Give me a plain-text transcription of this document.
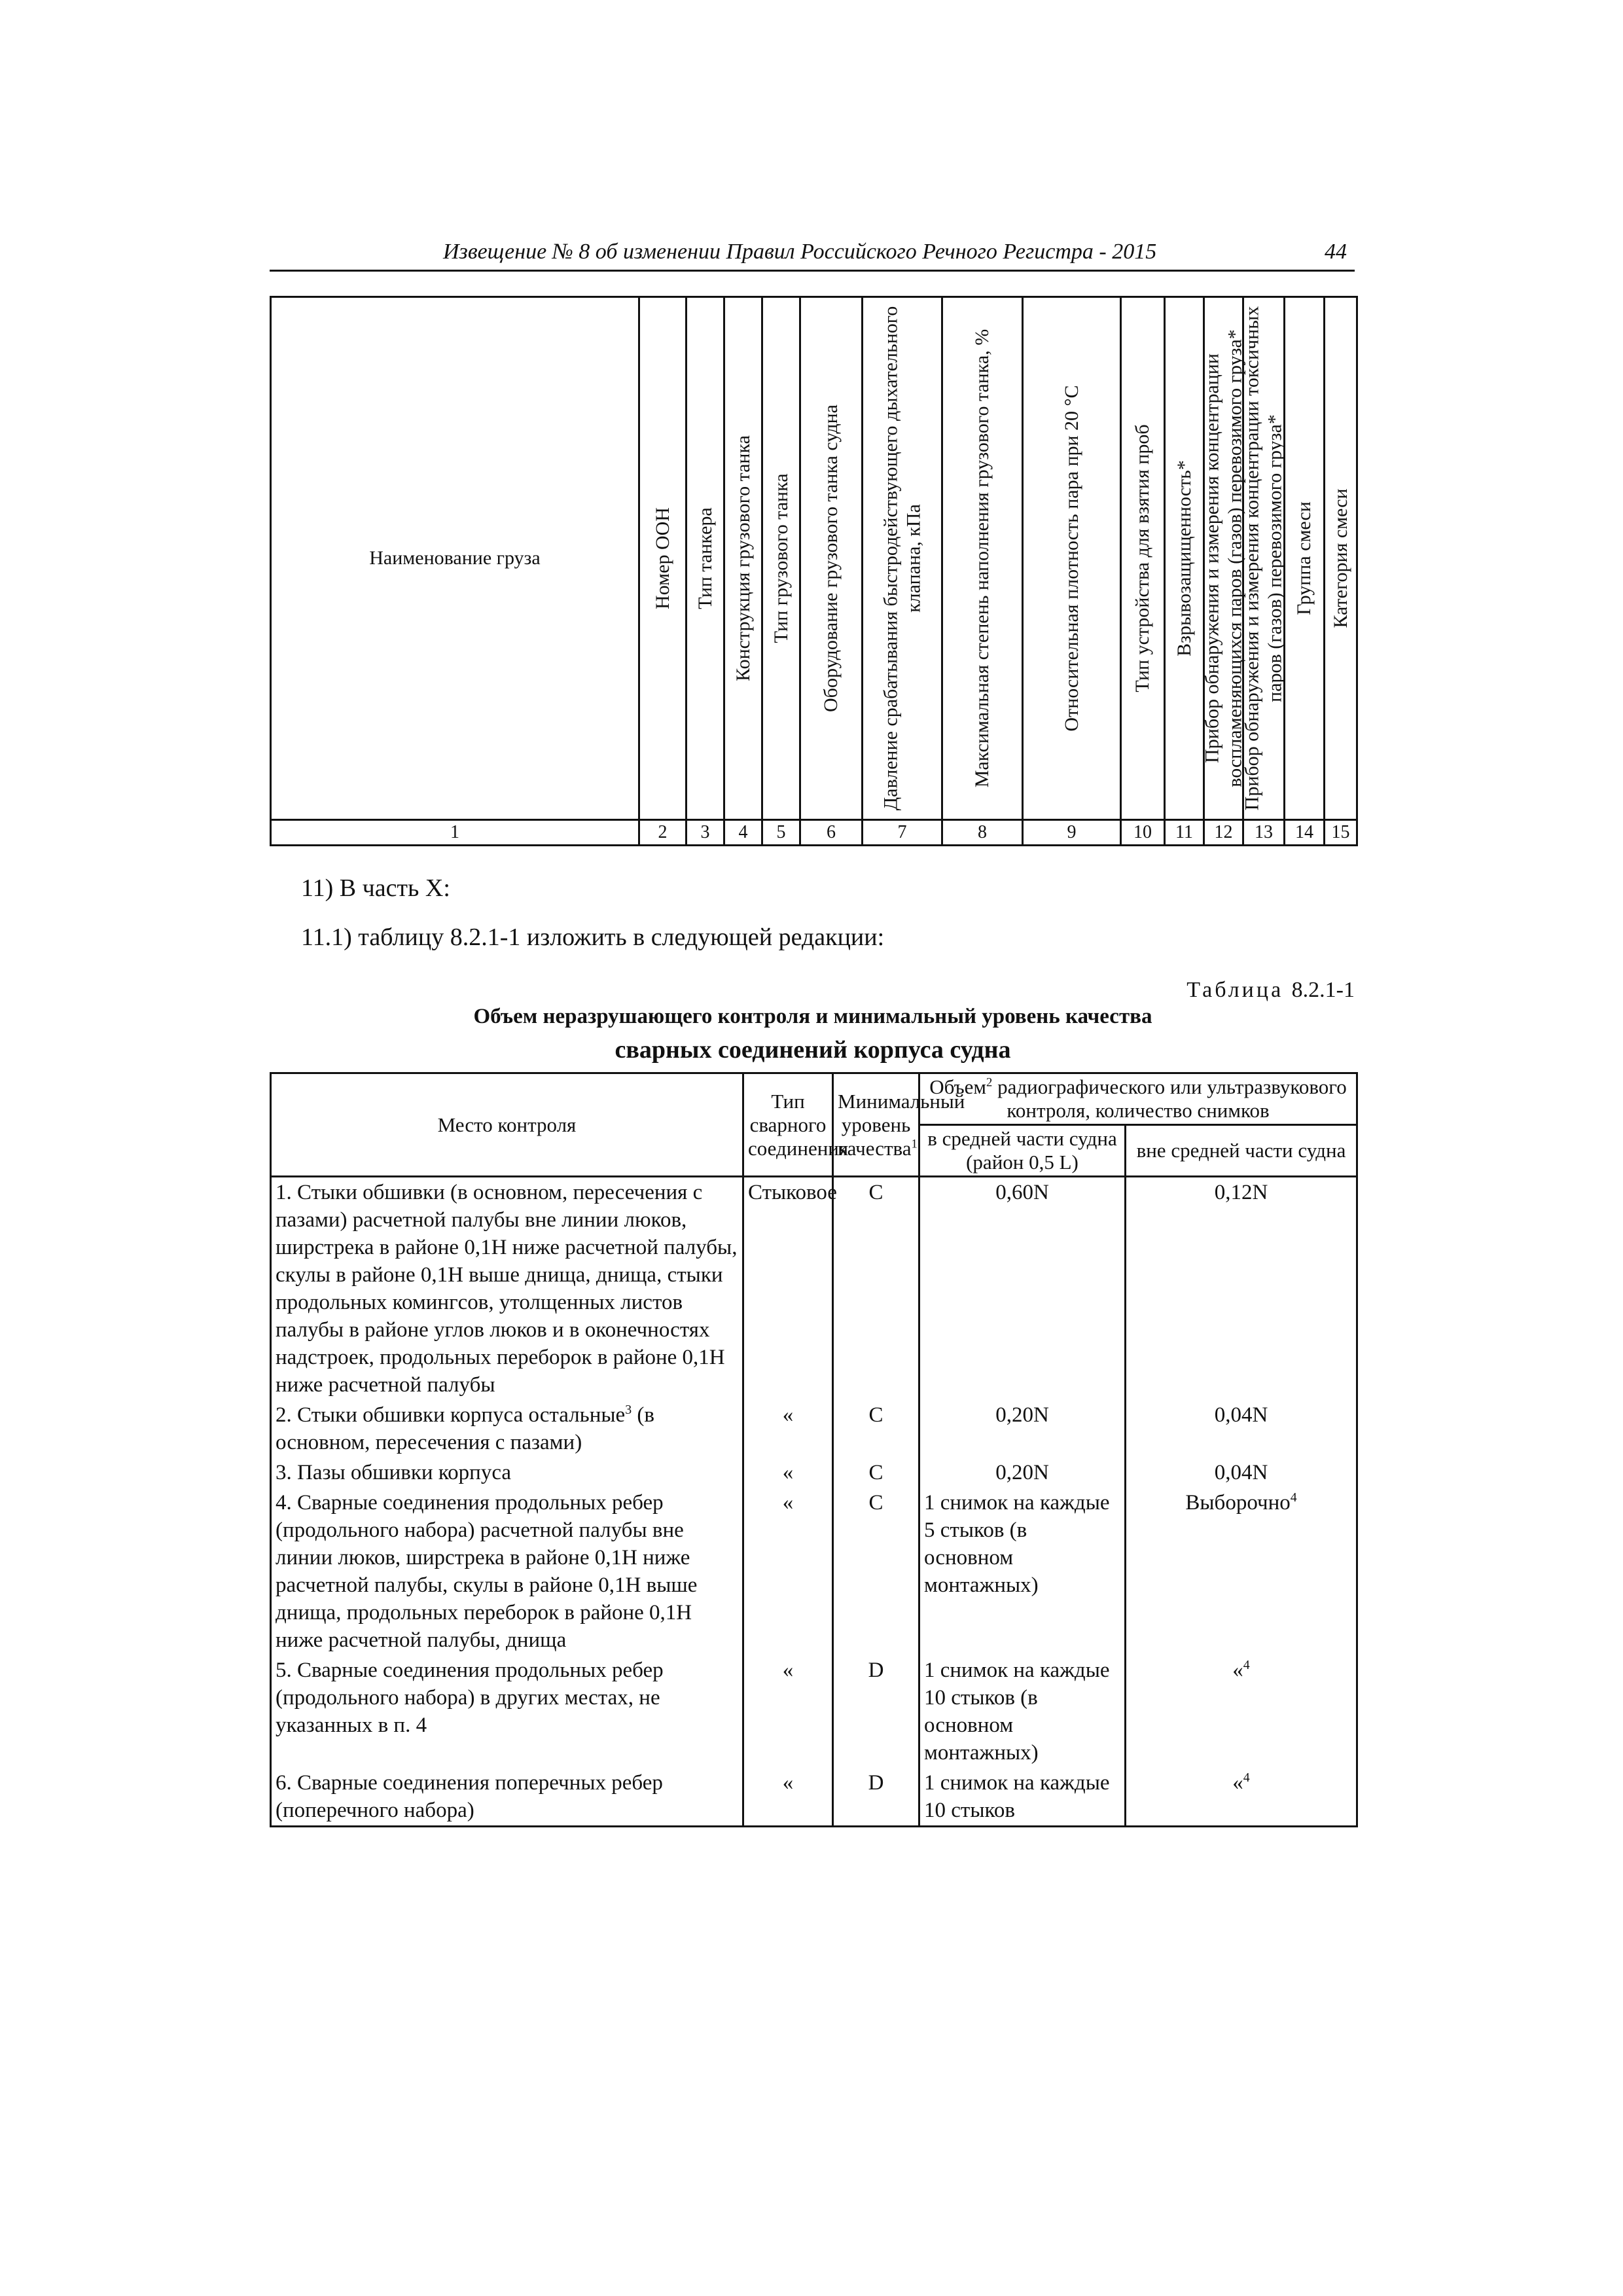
Извещение № 8 об изменении Правил Российского Речного Регистра - 2015	44
Наименование груза	Номер ООН	Тип танкера	Конструкция грузового танка	Тип грузового танка	Оборудование грузового танка судна	Давление срабатывания быстродействующего дыхательного клапана, кПа	Максимальная степень наполнения грузового танка, %	Относительная плотность пара при 20 °С	Тип устройства для взятия проб	Взрывозащищенность*	Прибор обнаружения и измерения концентрации воспламеняющихся паров (газов) перевозимого груза*	Прибор обнаружения и измерения концентрации токсичных паров (газов) перевозимого груза*	Группа смеси	Категория смеси

1	2	3	4	5	6	7	8	9	10	11	12	13	14	15
11) В часть Х:
11.1) таблицу 8.2.1-1 изложить в следующей редакции:
Таблица 8.2.1-1
Объем неразрушающего контроля и минимальный уровень качества
сварных соединений корпуса судна
Место контроля	Тип сварного соединения	Минимальный уровень качества$^1$	Объем$^2$ радиографического или ультразвукового контроля, количество снимков	
			в средней части судна (район 0,5 L)	вне средней части судна
1. Стыки обшивки (в основном, пересечения с пазами) расчетной палубы вне линии люков, ширстрека в районе 0,1H ниже расчетной палубы, скулы в районе 0,1H выше днища, днища, стыки продольных комингсов, утолщенных листов палубы в районе углов люков и в оконечностях надстроек, продольных переборок в районе 0,1H ниже расчетной палубы	Стыковое	C	0,60N	0,12N
2. Стыки обшивки корпуса остальные$^3$ (в основном, пересечения с пазами)	«	C	0,20N	0,04N
3. Пазы обшивки корпуса	«	C	0,20N	0,04N
4. Сварные соединения продольных ребер (продольного набора) расчетной палубы вне линии люков, ширстрека в районе 0,1H ниже расчетной палубы, скулы в районе 0,1H выше днища, продольных переборок в районе 0,1H ниже расчетной палубы, днища	«	C	1 снимок на каждые 5 стыков (в основном монтажных)	Выборочно$^4$
5. Сварные соединения продольных ребер (продольного набора) в других местах, не указанных в п. 4	«	D	1 снимок на каждые 10 стыков (в основном монтажных)	«$^4$
6. Сварные соединения поперечных ребер (поперечного набора)	«	D	1 снимок на каждые 10 стыков	«$^4$
